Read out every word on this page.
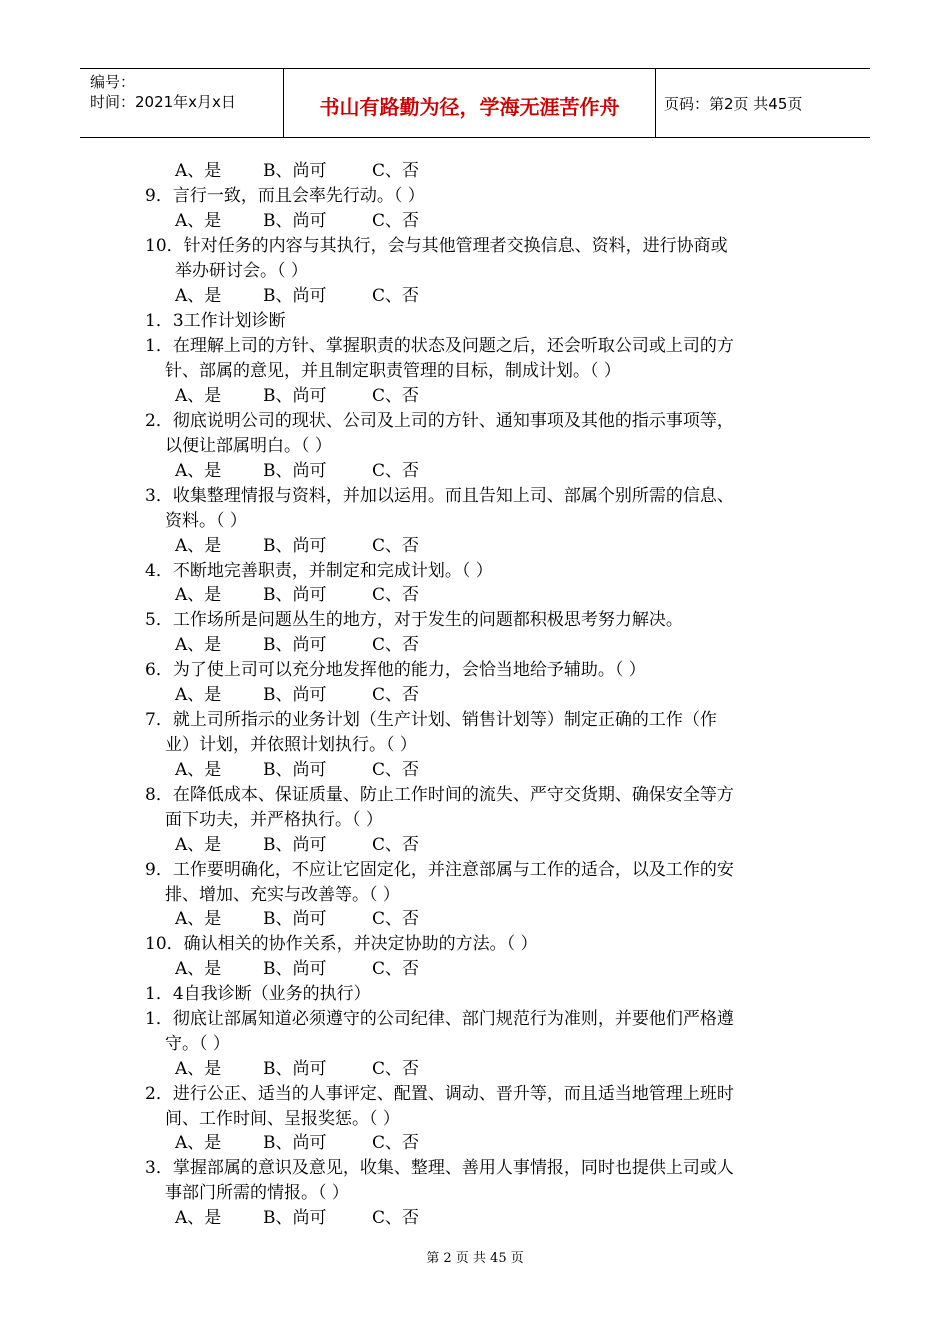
编号：
时间：2021年x月x日	书山有路勤为径，学海无涯苦作舟	页码：第2页 共45页
A、是 B、尚可	C、否
9．言行一致，而且会率先行动。（ ）
A、是 B、尚可	C、否
10．针对任务的内容与其执行，会与其他管理者交换信息、资料，进行协商或
举办研讨会。（ ）
A、是 B、尚可	C、否
1．3工作计划诊断
1．在理解上司的方针、掌握职责的状态及问题之后，还会听取公司或上司的方
针、部属的意见，并且制定职责管理的目标，制成计划。（ ）
A、是 B、尚可	C、否
2．彻底说明公司的现状、公司及上司的方针、通知事项及其他的指示事项等，
以便让部属明白。（ ）
A、是 B、尚可	C、否
3．收集整理情报与资料，并加以运用。而且告知上司、部属个别所需的信息、
资料。（ ）
A、是 B、尚可	C、否
4．不断地完善职责，并制定和完成计划。（ ）
A、是 B、尚可	C、否
5．工作场所是问题丛生的地方，对于发生的问题都积极思考努力解决。
A、是 B、尚可	C、否
6．为了使上司可以充分地发挥他的能力，会恰当地给予辅助。（ ）
A、是 B、尚可	C、否
7．就上司所指示的业务计划（生产计划、销售计划等）制定正确的工作（作
业）计划，并依照计划执行。（ ）
A、是 B、尚可	C、否
8．在降低成本、保证质量、防止工作时间的流失、严守交货期、确保安全等方
面下功夫，并严格执行。（ ）
A、是 B、尚可	C、否
9．工作要明确化，不应让它固定化，并注意部属与工作的适合，以及工作的安
排、增加、充实与改善等。（ ）
A、是 B、尚可	C、否
10．确认相关的协作关系，并决定协助的方法。（ ）
A、是 B、尚可	C、否
1．4自我诊断（业务的执行）
1．彻底让部属知道必须遵守的公司纪律、部门规范行为准则，并要他们严格遵
守。（ ）
A、是 B、尚可	C、否
2．进行公正、适当的人事评定、配置、调动、晋升等，而且适当地管理上班时
间、工作时间、呈报奖惩。（ ）
A、是 B、尚可	C、否
3．掌握部属的意识及意见，收集、整理、善用人事情报，同时也提供上司或人
事部门所需的情报。（ ）
A、是 B、尚可	C、否
第 2 页 共 45 页
